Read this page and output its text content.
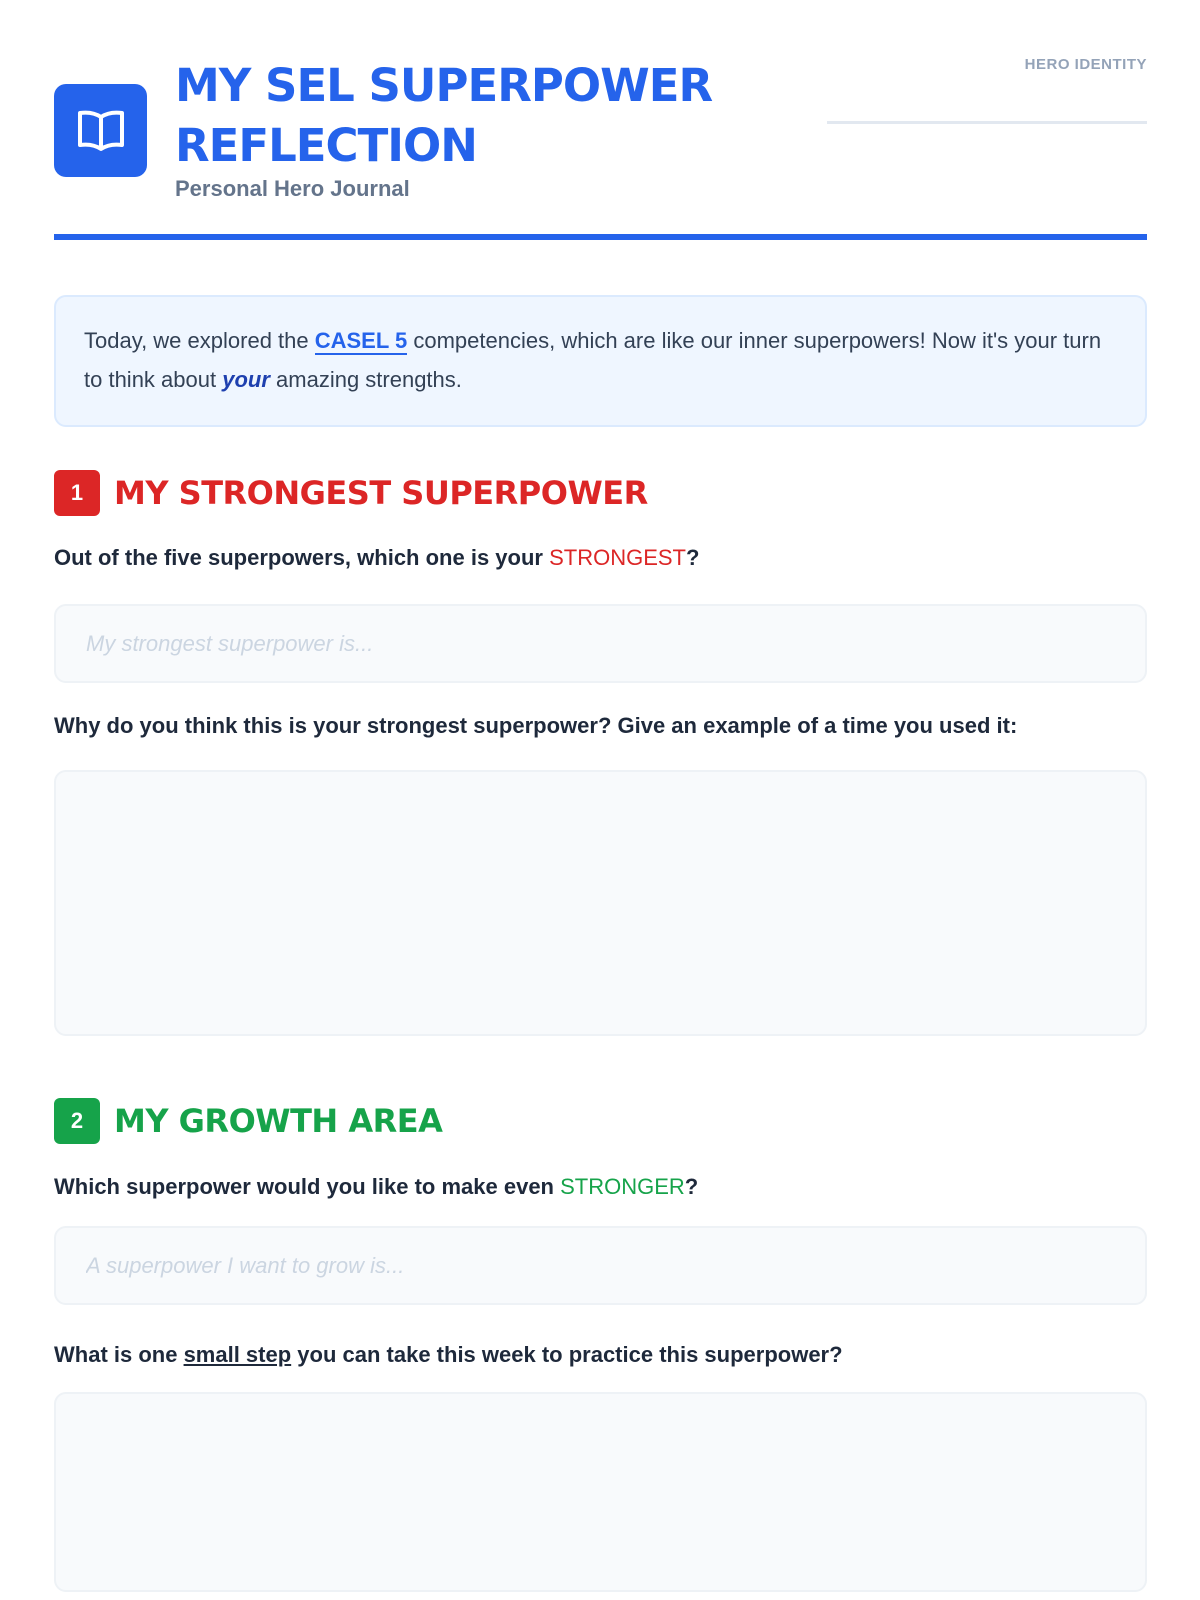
MY SEL SUPERPOWER REFLECTION
Personal Hero Journal
HERO IDENTITY
Today, we explored the CASEL 5 competencies, which are like our inner superpowers! Now it's your turn to think about your amazing strengths.
1 MY STRONGEST SUPERPOWER
Out of the five superpowers, which one is your STRONGEST?
My strongest superpower is...
Why do you think this is your strongest superpower? Give an example of a time you used it:
2 MY GROWTH AREA
Which superpower would you like to make even STRONGER?
A superpower I want to grow is...
What is one small step you can take this week to practice this superpower?
